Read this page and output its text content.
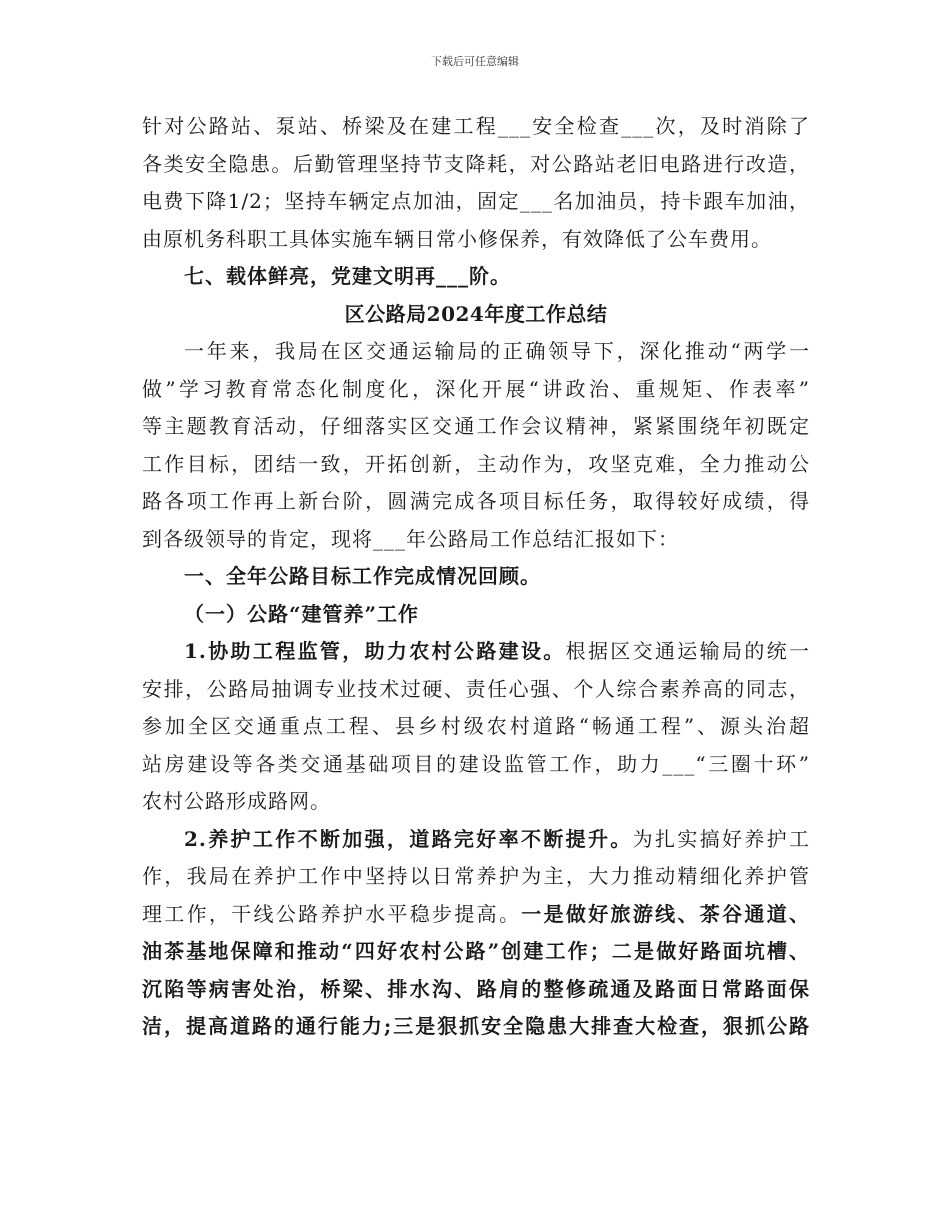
下载后可任意编辑
针对公路站、泵站、桥梁及在建工程___安全检查___次，及时消除了
各类安全隐患。后勤管理坚持节支降耗，对公路站老旧电路进行改造，
电费下降1/2；坚持车辆定点加油，固定___名加油员，持卡跟车加油，
由原机务科职工具体实施车辆日常小修保养，有效降低了公车费用。
七、载体鲜亮，党建文明再___阶。
区公路局2024年度工作总结
一年来，我局在区交通运输局的正确领导下，深化推动“两学一
做”学习教育常态化制度化，深化开展“讲政治、重规矩、作表率”
等主题教育活动，仔细落实区交通工作会议精神，紧紧围绕年初既定
工作目标，团结一致，开拓创新，主动作为，攻坚克难，全力推动公
路各项工作再上新台阶，圆满完成各项目标任务，取得较好成绩，得
到各级领导的肯定，现将___年公路局工作总结汇报如下：
一、全年公路目标工作完成情况回顾。
（一）公路“建管养”工作
1.协助工程监管，助力农村公路建设。根据区交通运输局的统一
安排，公路局抽调专业技术过硬、责任心强、个人综合素养高的同志，
参加全区交通重点工程、县乡村级农村道路“畅通工程”、源头治超
站房建设等各类交通基础项目的建设监管工作，助力___“三圈十环”
农村公路形成路网。
2.养护工作不断加强，道路完好率不断提升。为扎实搞好养护工
作，我局在养护工作中坚持以日常养护为主，大力推动精细化养护管
理工作，干线公路养护水平稳步提高。一是做好旅游线、茶谷通道、
油茶基地保障和推动“四好农村公路”创建工作；二是做好路面坑槽、
沉陷等病害处治，桥梁、排水沟、路肩的整修疏通及路面日常路面保
洁，提高道路的通行能力;三是狠抓安全隐患大排查大检查，狠抓公路
